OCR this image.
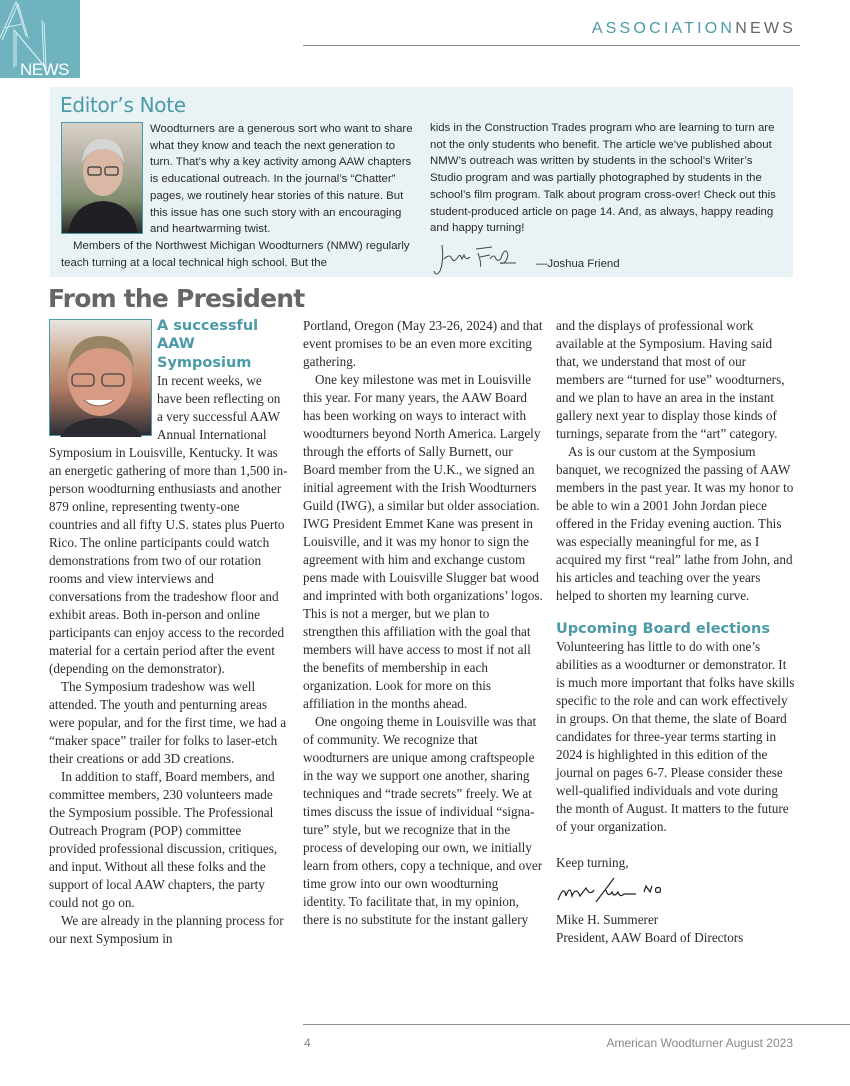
NEWS
ASSOCIATIONNEWS
Editor’s Note

Woodturners are a generous sort who want to share what they know and teach the next generation to turn. That’s why a key activity among AAW chapters is educational outreach. In the journal’s “Chatter” pages, we routinely hear stories of this nature. But this issue has one such story with an encouraging and heartwarming twist.

Members of the Northwest Michigan Woodturners (NMW) regularly teach turning at a local technical high school. But the

kids in the Construction Trades program who are learning to turn are not the only students who benefit. The article we’ve published about NMW’s outreach was written by students in the school’s Writer’s Studio program and was partially photographed by students in the school’s film program. Talk about program cross-over! Check out this student-produced article on page 14. And, as always, happy reading and happy turning!

—Joshua Friend
From the President
A successful AAW Symposium

In recent weeks, we have been reflecting on a very successful AAW Annual International Symposium in Louisville, Kentucky. It was an energetic gathering of more than 1,500 in-person woodturning enthusiasts and another 879 online, representing twenty-one countries and all fifty U.S. states plus Puerto Rico. The online participants could watch demonstrations from two of our rotation rooms and view interviews and conversations from the tradeshow floor and exhibit areas. Both in-person and online participants can enjoy access to the recorded material for a certain period after the event (depending on the demonstrator).

The Symposium tradeshow was well attended. The youth and penturning areas were popular, and for the first time, we had a “maker space” trailer for folks to laser-etch their creations or add 3D creations.

In addition to staff, Board members, and committee members, 230 volunteers made the Symposium possible. The Professional Outreach Program (POP) committee provided professional discussion, critiques, and input. Without all these folks and the support of local AAW chapters, the party could not go on.

We are already in the planning process for our next Symposium in

Portland, Oregon (May 23-26, 2024) and that event promises to be an even more exciting gathering.

One key milestone was met in Louisville this year. For many years, the AAW Board has been working on ways to interact with woodturners beyond North America. Largely through the efforts of Sally Burnett, our Board member from the U.K., we signed an initial agreement with the Irish Woodturners Guild (IWG), a similar but older association. IWG President Emmet Kane was present in Louisville, and it was my honor to sign the agreement with him and exchange custom pens made with Louisville Slugger bat wood and imprinted with both organizations’ logos. This is not a merger, but we plan to strengthen this affiliation with the goal that members will have access to most if not all the benefits of membership in each organization. Look for more on this affiliation in the months ahead.

One ongoing theme in Louisville was that of community. We recognize that woodturners are unique among craftspeople in the way we support one another, sharing techniques and “trade secrets” freely. We at times discuss the issue of individual “signature” style, but we recognize that in the process of developing our own, we initially learn from others, copy a technique, and over time grow into our own woodturning identity. To facilitate that, in my opinion, there is no substitute for the instant gallery

and the displays of professional work available at the Symposium. Having said that, we understand that most of our members are “turned for use” woodturners, and we plan to have an area in the instant gallery next year to display those kinds of turnings, separate from the “art” category.

As is our custom at the Symposium banquet, we recognized the passing of AAW members in the past year. It was my honor to be able to win a 2001 John Jordan piece offered in the Friday evening auction. This was especially meaningful for me, as I acquired my first “real” lathe from John, and his articles and teaching over the years helped to shorten my learning curve.

Upcoming Board elections

Volunteering has little to do with one’s abilities as a woodturner or demonstrator. It is much more important that folks have skills specific to the role and can work effectively in groups. On that theme, the slate of Board candidates for three-year terms starting in 2024 is highlighted in this edition of the journal on pages 6-7. Please consider these well-qualified individuals and vote during the month of August. It matters to the future of your organization.

Keep turning,

Mike H. Summerer

President, AAW Board of Directors

4	American Woodturner August 2023
